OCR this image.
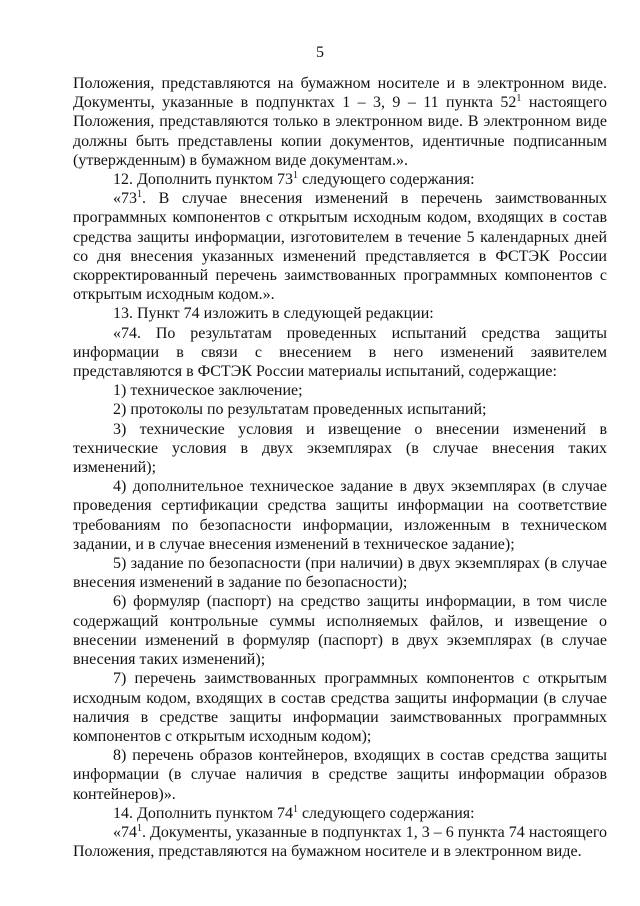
5

Положения, представляются на бумажном носителе и в электронном виде. Документы, указанные в подпунктах 1 – 3, 9 – 11 пункта $52^1$ настоящего Положения, представляются только в электронном виде. В электронном виде должны быть представлены копии документов, идентичные подписанным (утвержденным) в бумажном виде документам.».

12. Дополнить пунктом $73^1$ следующего содержания:

«$73^1$. В случае внесения изменений в перечень заимствованных программных компонентов с открытым исходным кодом, входящих в состав средства защиты информации, изготовителем в течение 5 календарных дней со дня внесения указанных изменений представляется в ФСТЭК России скорректированный перечень заимствованных программных компонентов с открытым исходным кодом.».

13. Пункт 74 изложить в следующей редакции:

«74. По результатам проведенных испытаний средства защиты информации в связи с внесением в него изменений заявителем представляются в ФСТЭК России материалы испытаний, содержащие:

1) техническое заключение;

2) протоколы по результатам проведенных испытаний;

3) технические условия и извещение о внесении изменений в технические условия в двух экземплярах (в случае внесения таких изменений);

4) дополнительное техническое задание в двух экземплярах (в случае проведения сертификации средства защиты информации на соответствие требованиям по безопасности информации, изложенным в техническом задании, и в случае внесения изменений в техническое задание);

5) задание по безопасности (при наличии) в двух экземплярах (в случае внесения изменений в задание по безопасности);

6) формуляр (паспорт) на средство защиты информации, в том числе содержащий контрольные суммы исполняемых файлов, и извещение о внесении изменений в формуляр (паспорт) в двух экземплярах (в случае внесения таких изменений);

7) перечень заимствованных программных компонентов с открытым исходным кодом, входящих в состав средства защиты информации (в случае наличия в средстве защиты информации заимствованных программных компонентов с открытым исходным кодом);

8) перечень образов контейнеров, входящих в состав средства защиты информации (в случае наличия в средстве защиты информации образов контейнеров)».

14. Дополнить пунктом $74^1$ следующего содержания:

«$74^1$. Документы, указанные в подпунктах 1, 3 – 6 пункта 74 настоящего Положения, представляются на бумажном носителе и в электронном виде.
